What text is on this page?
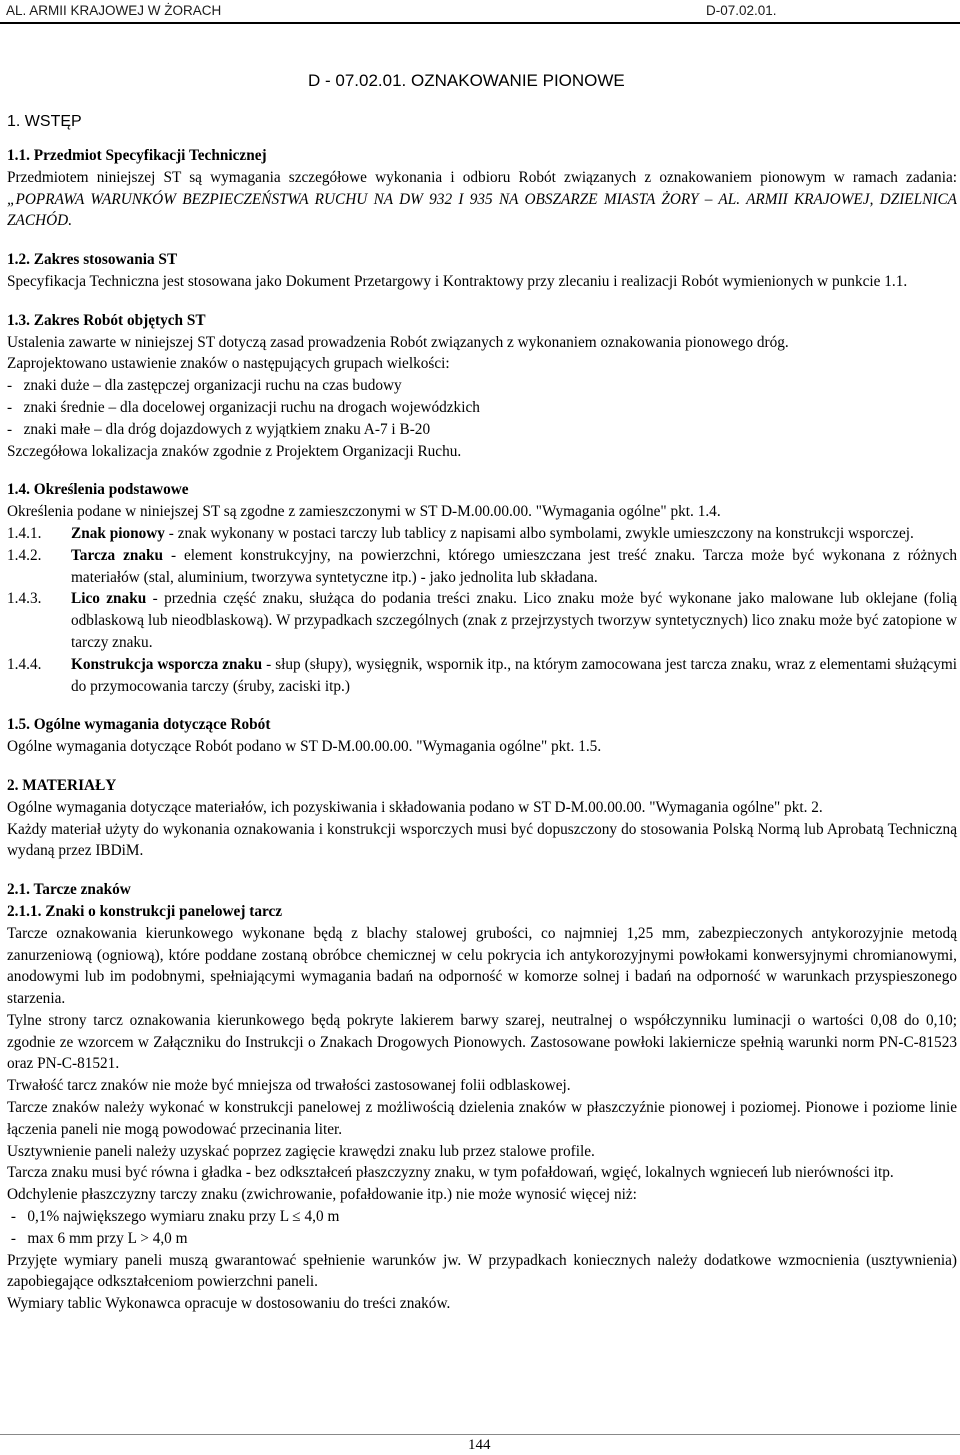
AL. ARMII KRAJOWEJ W ŻORACH	D-07.02.01.
D - 07.02.01. OZNAKOWANIE PIONOWE
1. WSTĘP

1.1. Przedmiot Specyfikacji Technicznej

Przedmiotem niniejszej ST są wymagania szczegółowe wykonania i odbioru Robót związanych z oznakowaniem pionowym w ramach zadania: „POPRAWA WARUNKÓW BEZPIECZEŃSTWA RUCHU NA DW 932 I 935 NA OBSZARZE MIASTA ŻORY – AL. ARMII KRAJOWEJ, DZIELNICA ZACHÓD.

1.2. Zakres stosowania ST

Specyfikacja Techniczna jest stosowana jako Dokument Przetargowy i Kontraktowy przy zlecaniu i realizacji Robót wymienionych w punkcie 1.1.

1.3. Zakres Robót objętych ST

Ustalenia zawarte w niniejszej ST dotyczą zasad prowadzenia Robót związanych z wykonaniem oznakowania pionowego dróg.

Zaprojektowano ustawienie znaków o następujących grupach wielkości:

-   znaki duże – dla zastępczej organizacji ruchu na czas budowy

-   znaki średnie – dla docelowej organizacji ruchu na drogach wojewódzkich

-   znaki małe – dla dróg dojazdowych z wyjątkiem znaku A-7 i B-20

Szczegółowa lokalizacja znaków zgodnie z Projektem Organizacji Ruchu.

1.4. Określenia podstawowe

Określenia podane w niniejszej ST są zgodne z zamieszczonymi w ST D-M.00.00.00. "Wymagania ogólne" pkt. 1.4.

1.4.1.	Znak pionowy - znak wykonany w postaci tarczy lub tablicy z napisami albo symbolami, zwykle umieszczony na konstrukcji wsporczej.
1.4.2.	Tarcza znaku - element konstrukcyjny, na powierzchni, którego umieszczana jest treść znaku. Tarcza może być wykonana z różnych materiałów (stal, aluminium, tworzywa syntetyczne itp.) - jako jednolita lub składana.
1.4.3.	Lico znaku - przednia część znaku, służąca do podania treści znaku. Lico znaku może być wykonane jako malowane lub oklejane (folią odblaskową lub nieodblaskową). W przypadkach szczególnych (znak z przejrzystych tworzyw syntetycznych) lico znaku może być zatopione w tarczy znaku.
1.4.4.	Konstrukcja wsporcza znaku - słup (słupy), wysięgnik, wspornik itp., na którym zamocowana jest tarcza znaku, wraz z elementami służącymi do przymocowania tarczy (śruby, zaciski itp.)

1.5. Ogólne wymagania dotyczące Robót

Ogólne wymagania dotyczące Robót podano w ST D-M.00.00.00. "Wymagania ogólne" pkt. 1.5.

2. MATERIAŁY

Ogólne wymagania dotyczące materiałów, ich pozyskiwania i składowania podano w ST D-M.00.00.00. "Wymagania ogólne" pkt. 2.

Każdy materiał użyty do wykonania oznakowania i konstrukcji wsporczych musi być dopuszczony do stosowania Polską Normą lub Aprobatą Techniczną wydaną przez IBDiM.

2.1. Tarcze znaków

2.1.1. Znaki o konstrukcji panelowej tarcz

Tarcze oznakowania kierunkowego wykonane będą z blachy stalowej grubości, co najmniej 1,25 mm, zabezpieczonych antykorozyjnie metodą zanurzeniową (ogniową), które poddane zostaną obróbce chemicznej w celu pokrycia ich antykorozyjnymi powłokami konwersyjnymi chromianowymi, anodowymi lub im podobnymi, spełniającymi wymagania badań na odporność w komorze solnej i badań na odporność w warunkach przyspieszonego starzenia.

Tylne strony tarcz oznakowania kierunkowego będą pokryte lakierem barwy szarej, neutralnej o współczynniku luminacji o wartości 0,08 do 0,10; zgodnie ze wzorcem w Załączniku do Instrukcji o Znakach Drogowych Pionowych. Zastosowane powłoki lakiernicze spełnią warunki norm PN-C-81523 oraz PN-C-81521.

Trwałość tarcz znaków nie może być mniejsza od trwałości zastosowanej folii odblaskowej.

Tarcze znaków należy wykonać w konstrukcji panelowej z możliwością dzielenia znaków w płaszczyźnie pionowej i poziomej. Pionowe i poziome linie łączenia paneli nie mogą powodować przecinania liter.

Usztywnienie paneli należy uzyskać poprzez zagięcie krawędzi znaku lub przez stalowe profile.

Tarcza znaku musi być równa i gładka - bez odkształceń płaszczyzny znaku, w tym pofałdowań, wgięć, lokalnych wgnieceń lub nierówności itp.

Odchylenie płaszczyzny tarczy znaku (zwichrowanie, pofałdowanie itp.) nie może wynosić więcej niż:

-   0,1% największego wymiaru znaku przy L ≤ 4,0 m

-   max 6 mm przy L > 4,0 m

Przyjęte wymiary paneli muszą gwarantować spełnienie warunków jw. W przypadkach koniecznych należy dodatkowe wzmocnienia (usztywnienia) zapobiegające odkształceniom powierzchni paneli.

Wymiary tablic Wykonawca opracuje w dostosowaniu do treści znaków.

144
